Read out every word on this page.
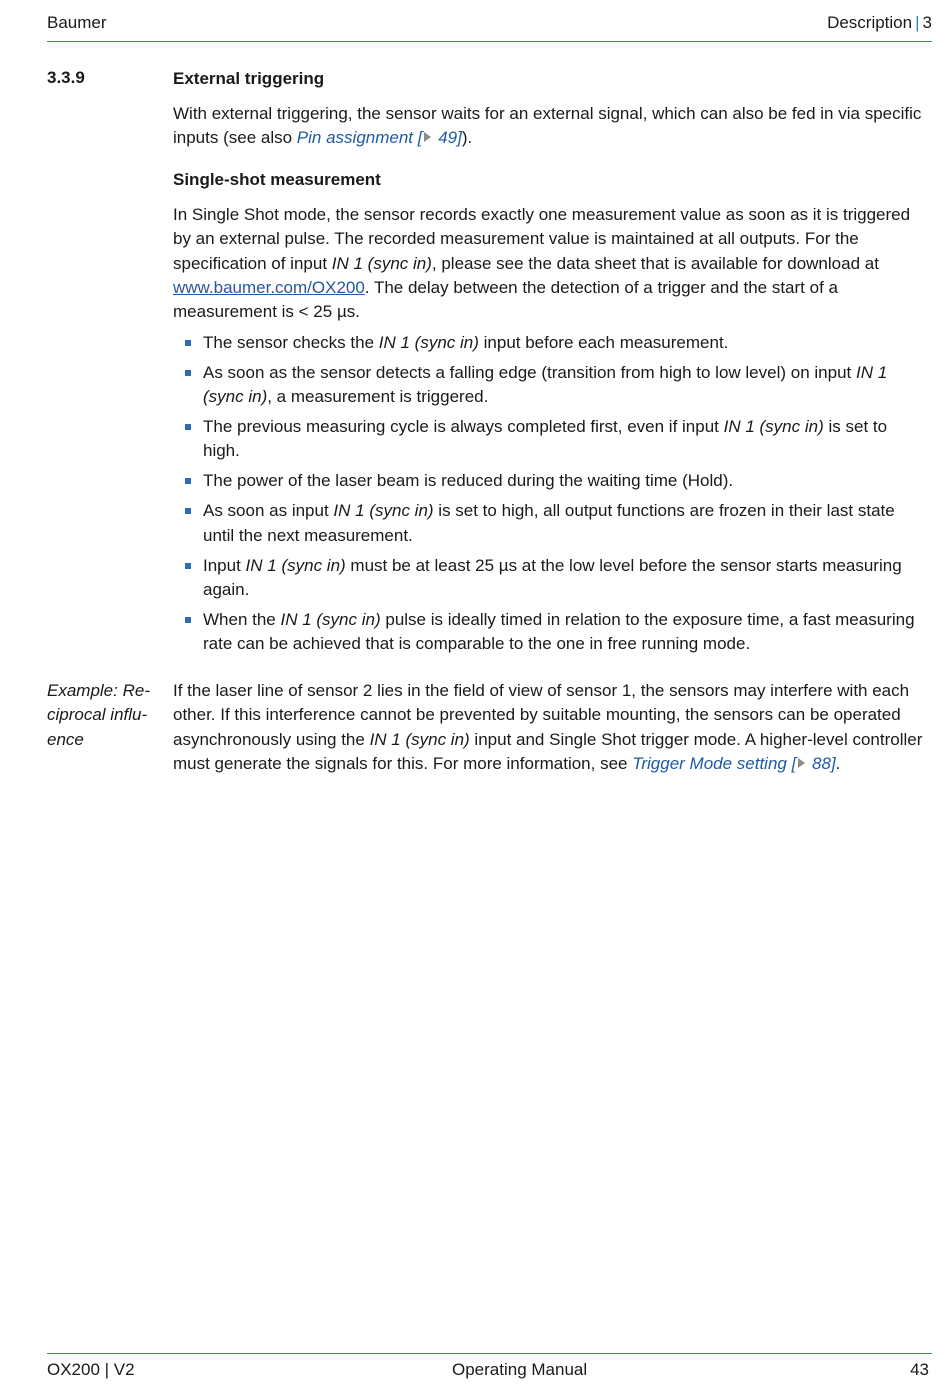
Baumer	Description | 3
3.3.9	External triggering

With external triggering, the sensor waits for an external signal, which can also be fed in via specific inputs (see also Pin assignment [ 49]).

Single-shot measurement

In Single Shot mode, the sensor records exactly one measurement value as soon as it is triggered by an external pulse. The recorded measurement value is maintained at all outputs. For the specification of input IN 1 (sync in), please see the data sheet that is available for download at www.baumer.com/OX200. The delay between the detection of a trigger and the start of a measurement is < 25 µs.

The sensor checks the IN 1 (sync in) input before each measurement.
As soon as the sensor detects a falling edge (transition from high to low level) on input IN 1 (sync in), a measurement is triggered.
The previous measuring cycle is always completed first, even if input IN 1 (sync in) is set to high.
The power of the laser beam is reduced during the waiting time (Hold).
As soon as input IN 1 (sync in) is set to high, all output functions are frozen in their last state until the next measurement.
Input IN 1 (sync in) must be at least 25 µs at the low level before the sensor starts measuring again.
When the IN 1 (sync in) pulse is ideally timed in relation to the exposure time, a fast measuring rate can be achieved that is comparable to the one in free running mode.
Example: Reciprocal influence

If the laser line of sensor 2 lies in the field of view of sensor 1, the sensors may interfere with each other. If this interference cannot be prevented by suitable mounting, the sensors can be operated asynchronously using the IN 1 (sync in) input and Single Shot trigger mode. A higher-level controller must generate the signals for this. For more information, see Trigger Mode setting [ 88].

OX200 | V2	Operating Manual	43
